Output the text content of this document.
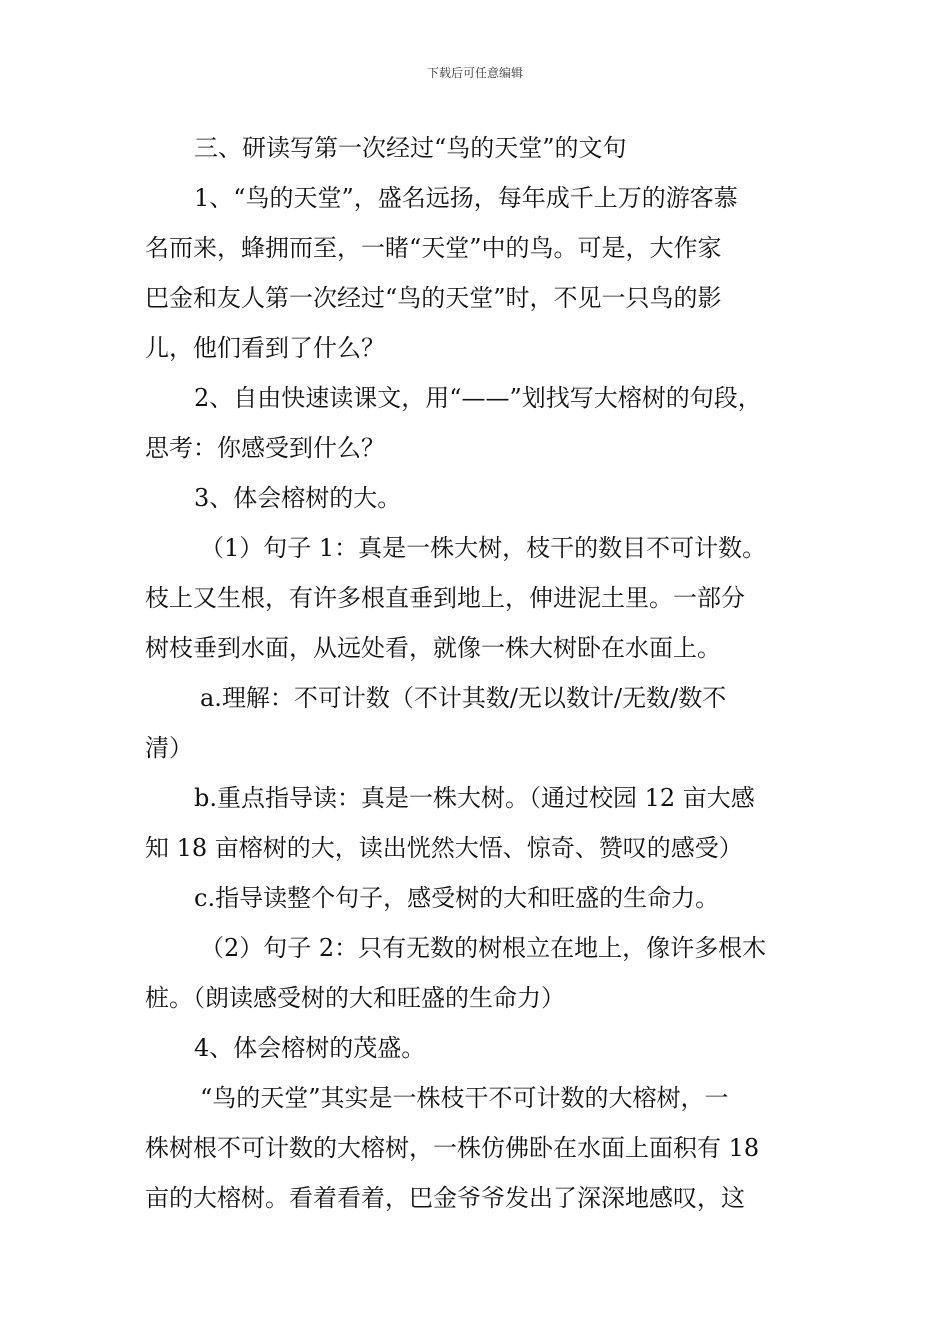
下载后可任意编辑
三、研读写第一次经过“鸟的天堂”的文句
1、“鸟的天堂”，盛名远扬，每年成千上万的游客慕
名而来，蜂拥而至，一睹“天堂”中的鸟。可是，大作家
巴金和友人第一次经过“鸟的天堂”时，不见一只鸟的影
儿，他们看到了什么？
2、自由快速读课文，用“——”划找写大榕树的句段，
思考：你感受到什么？
3、体会榕树的大。
（1）句子 1：真是一株大树，枝干的数目不可计数。
枝上又生根，有许多根直垂到地上，伸进泥土里。一部分
树枝垂到水面，从远处看，就像一株大树卧在水面上。
a.理解：不可计数（不计其数/无以数计/无数/数不
清）
b.重点指导读：真是一株大树。（通过校园 12 亩大感
知 18 亩榕树的大，读出恍然大悟、惊奇、赞叹的感受）
c.指导读整个句子，感受树的大和旺盛的生命力。
（2）句子 2：只有无数的树根立在地上，像许多根木
桩。（朗读感受树的大和旺盛的生命力）
4、体会榕树的茂盛。
“鸟的天堂”其实是一株枝干不可计数的大榕树，一
株树根不可计数的大榕树，一株仿佛卧在水面上面积有 18
亩的大榕树。看着看着，巴金爷爷发出了深深地感叹，这
